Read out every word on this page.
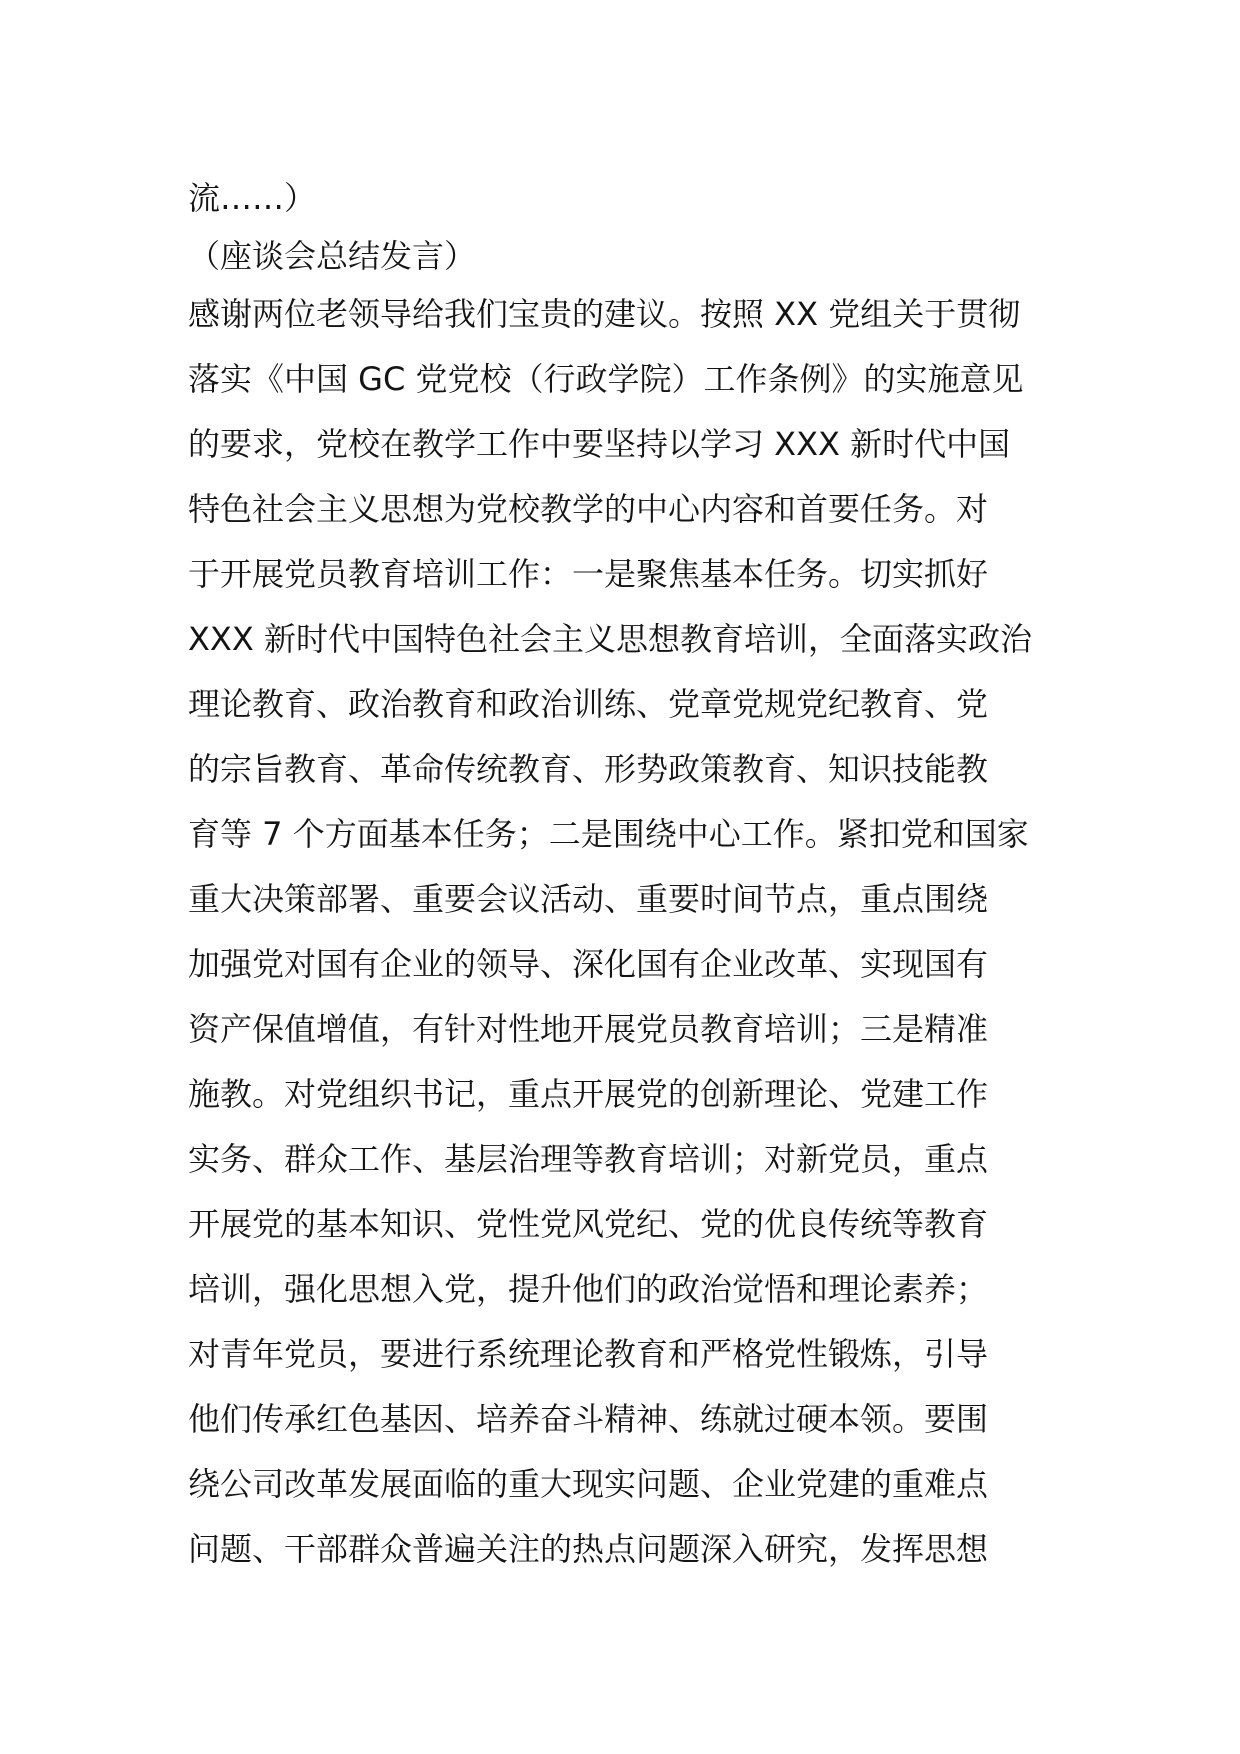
流……）
（座谈会总结发言）
感谢两位老领导给我们宝贵的建议。按照 XX 党组关于贯彻
落实《中国 GC 党党校（行政学院）工作条例》的实施意见
的要求，党校在教学工作中要坚持以学习 XXX 新时代中国
特色社会主义思想为党校教学的中心内容和首要任务。对
于开展党员教育培训工作：一是聚焦基本任务。切实抓好
XXX 新时代中国特色社会主义思想教育培训，全面落实政治
理论教育、政治教育和政治训练、党章党规党纪教育、党
的宗旨教育、革命传统教育、形势政策教育、知识技能教
育等 7 个方面基本任务；二是围绕中心工作。紧扣党和国家
重大决策部署、重要会议活动、重要时间节点，重点围绕
加强党对国有企业的领导、深化国有企业改革、实现国有
资产保值增值，有针对性地开展党员教育培训；三是精准
施教。对党组织书记，重点开展党的创新理论、党建工作
实务、群众工作、基层治理等教育培训；对新党员，重点
开展党的基本知识、党性党风党纪、党的优良传统等教育
培训，强化思想入党，提升他们的政治觉悟和理论素养；
对青年党员，要进行系统理论教育和严格党性锻炼，引导
他们传承红色基因、培养奋斗精神、练就过硬本领。要围
绕公司改革发展面临的重大现实问题、企业党建的重难点
问题、干部群众普遍关注的热点问题深入研究，发挥思想
